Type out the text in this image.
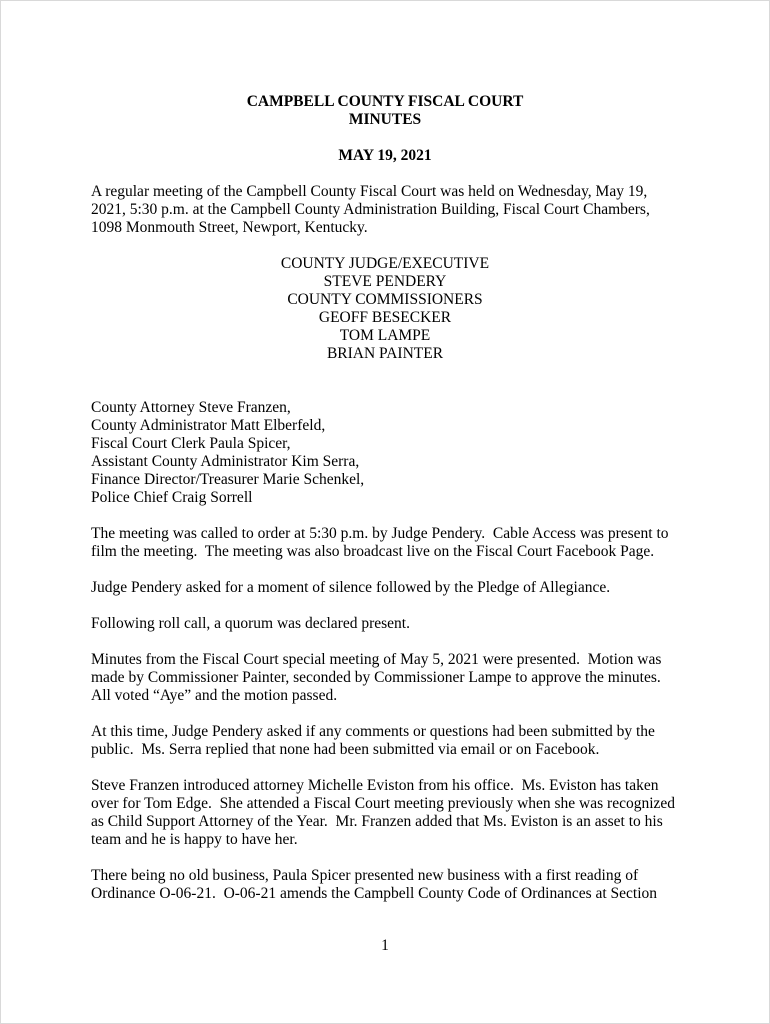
CAMPBELL COUNTY FISCAL COURT
MINUTES
MAY 19, 2021

A regular meeting of the Campbell County Fiscal Court was held on Wednesday, May 19, 2021, 5:30 p.m. at the Campbell County Administration Building, Fiscal Court Chambers, 1098 Monmouth Street, Newport, Kentucky.

COUNTY JUDGE/EXECUTIVE
STEVE PENDERY
COUNTY COMMISSIONERS
GEOFF BESECKER
TOM LAMPE
BRIAN PAINTER
County Attorney Steve Franzen,
County Administrator Matt Elberfeld,
Fiscal Court Clerk Paula Spicer,
Assistant County Administrator Kim Serra,
Finance Director/Treasurer Marie Schenkel,
Police Chief Craig Sorrell

The meeting was called to order at 5:30 p.m. by Judge Pendery.  Cable Access was present to film the meeting.  The meeting was also broadcast live on the Fiscal Court Facebook Page.

Judge Pendery asked for a moment of silence followed by the Pledge of Allegiance.

Following roll call, a quorum was declared present.

Minutes from the Fiscal Court special meeting of May 5, 2021 were presented.  Motion was made by Commissioner Painter, seconded by Commissioner Lampe to approve the minutes.  All voted “Aye” and the motion passed.

At this time, Judge Pendery asked if any comments or questions had been submitted by the public.  Ms. Serra replied that none had been submitted via email or on Facebook.

Steve Franzen introduced attorney Michelle Eviston from his office.  Ms. Eviston has taken over for Tom Edge.  She attended a Fiscal Court meeting previously when she was recognized as Child Support Attorney of the Year.  Mr. Franzen added that Ms. Eviston is an asset to his team and he is happy to have her.

There being no old business, Paula Spicer presented new business with a first reading of Ordinance O-06-21.  O-06-21 amends the Campbell County Code of Ordinances at Section

1
